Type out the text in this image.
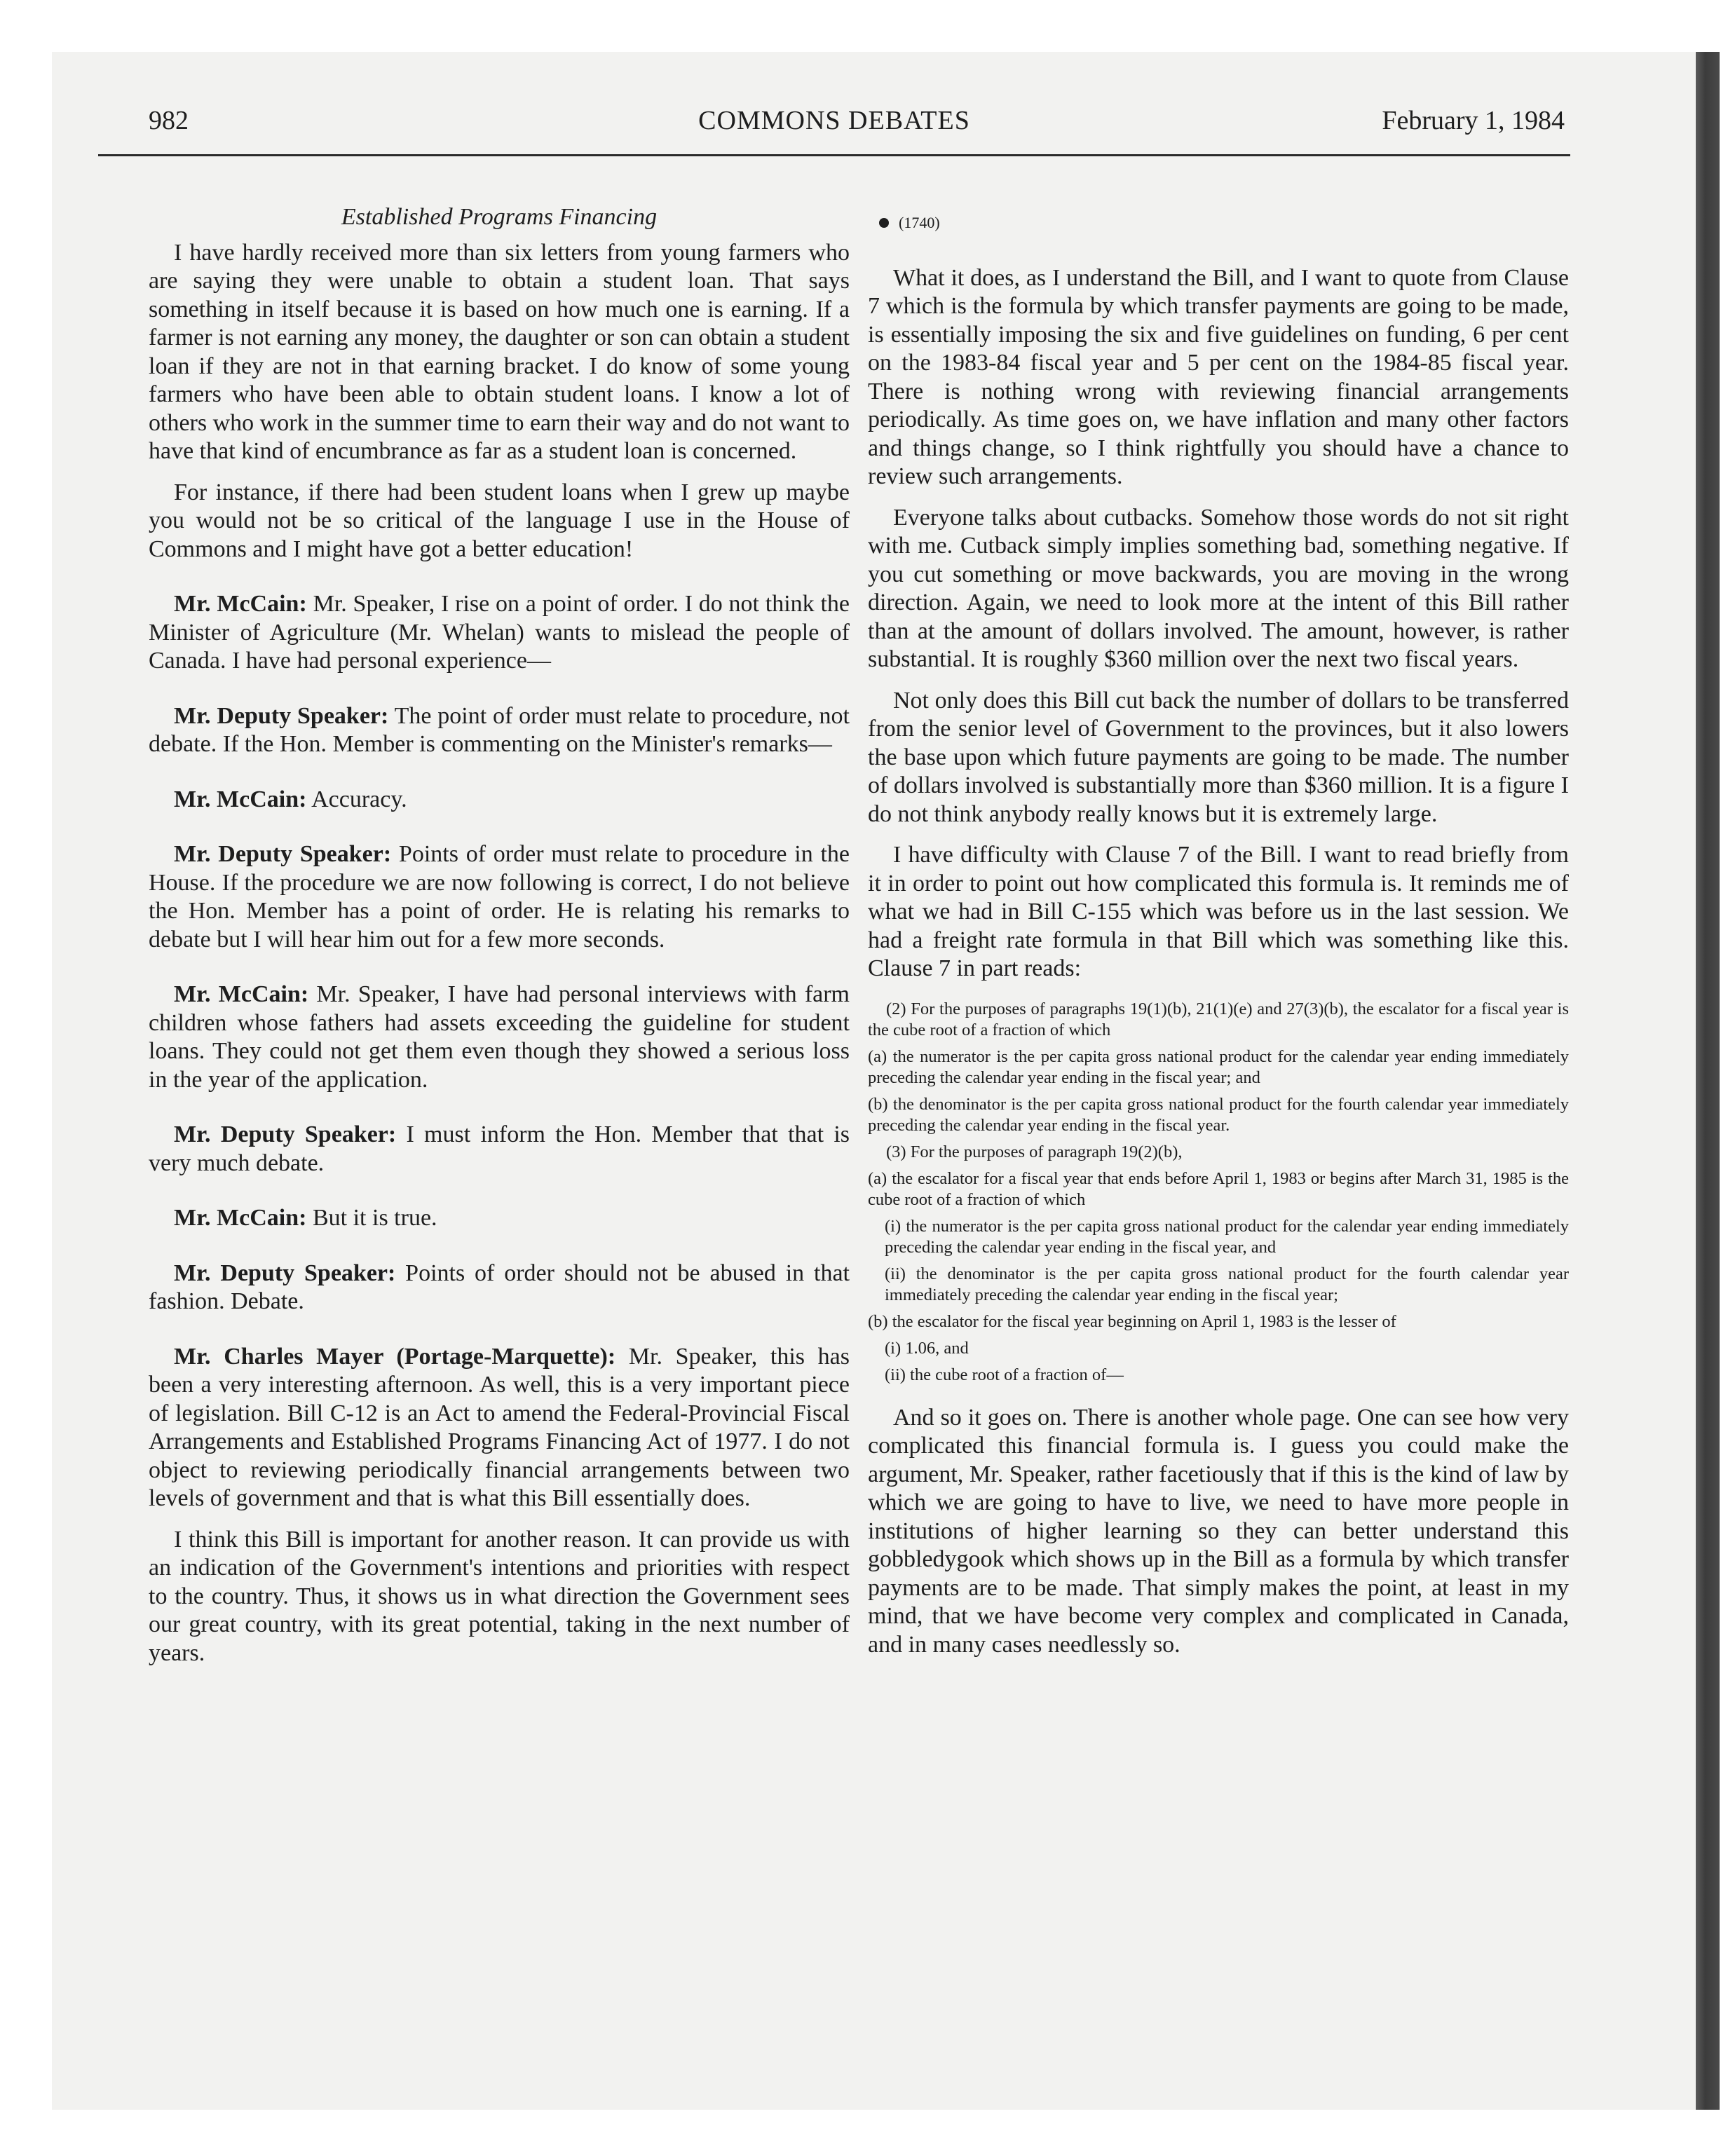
982	COMMONS DEBATES	February 1, 1984
Established Programs Financing

I have hardly received more than six letters from young farmers who are saying they were unable to obtain a student loan. That says something in itself because it is based on how much one is earning. If a farmer is not earning any money, the daughter or son can obtain a student loan if they are not in that earning bracket. I do know of some young farmers who have been able to obtain student loans. I know a lot of others who work in the summer time to earn their way and do not want to have that kind of encumbrance as far as a student loan is concerned.

For instance, if there had been student loans when I grew up maybe you would not be so critical of the language I use in the House of Commons and I might have got a better education!

Mr. McCain: Mr. Speaker, I rise on a point of order. I do not think the Minister of Agriculture (Mr. Whelan) wants to mislead the people of Canada. I have had personal experience—

Mr. Deputy Speaker: The point of order must relate to procedure, not debate. If the Hon. Member is commenting on the Minister's remarks—

Mr. McCain: Accuracy.

Mr. Deputy Speaker: Points of order must relate to procedure in the House. If the procedure we are now following is correct, I do not believe the Hon. Member has a point of order. He is relating his remarks to debate but I will hear him out for a few more seconds.

Mr. McCain: Mr. Speaker, I have had personal interviews with farm children whose fathers had assets exceeding the guideline for student loans. They could not get them even though they showed a serious loss in the year of the application.

Mr. Deputy Speaker: I must inform the Hon. Member that that is very much debate.

Mr. McCain: But it is true.

Mr. Deputy Speaker: Points of order should not be abused in that fashion. Debate.

Mr. Charles Mayer (Portage-Marquette): Mr. Speaker, this has been a very interesting afternoon. As well, this is a very important piece of legislation. Bill C-12 is an Act to amend the Federal-Provincial Fiscal Arrangements and Established Programs Financing Act of 1977. I do not object to reviewing periodically financial arrangements between two levels of government and that is what this Bill essentially does.

I think this Bill is important for another reason. It can provide us with an indication of the Government's intentions and priorities with respect to the country. Thus, it shows us in what direction the Government sees our great country, with its great potential, taking in the next number of years.

(1740)

What it does, as I understand the Bill, and I want to quote from Clause 7 which is the formula by which transfer payments are going to be made, is essentially imposing the six and five guidelines on funding, 6 per cent on the 1983-84 fiscal year and 5 per cent on the 1984-85 fiscal year. There is nothing wrong with reviewing financial arrangements periodically. As time goes on, we have inflation and many other factors and things change, so I think rightfully you should have a chance to review such arrangements.

Everyone talks about cutbacks. Somehow those words do not sit right with me. Cutback simply implies something bad, something negative. If you cut something or move backwards, you are moving in the wrong direction. Again, we need to look more at the intent of this Bill rather than at the amount of dollars involved. The amount, however, is rather substantial. It is roughly $360 million over the next two fiscal years.

Not only does this Bill cut back the number of dollars to be transferred from the senior level of Government to the provinces, but it also lowers the base upon which future payments are going to be made. The number of dollars involved is substantially more than $360 million. It is a figure I do not think anybody really knows but it is extremely large.

I have difficulty with Clause 7 of the Bill. I want to read briefly from it in order to point out how complicated this formula is. It reminds me of what we had in Bill C-155 which was before us in the last session. We had a freight rate formula in that Bill which was something like this. Clause 7 in part reads:

(2) For the purposes of paragraphs 19(1)(b), 21(1)(e) and 27(3)(b), the escalator for a fiscal year is the cube root of a fraction of which

(a) the numerator is the per capita gross national product for the calendar year ending immediately preceding the calendar year ending in the fiscal year; and

(b) the denominator is the per capita gross national product for the fourth calendar year immediately preceding the calendar year ending in the fiscal year.

(3) For the purposes of paragraph 19(2)(b),

(a) the escalator for a fiscal year that ends before April 1, 1983 or begins after March 31, 1985 is the cube root of a fraction of which

(i) the numerator is the per capita gross national product for the calendar year ending immediately preceding the calendar year ending in the fiscal year, and

(ii) the denominator is the per capita gross national product for the fourth calendar year immediately preceding the calendar year ending in the fiscal year;

(b) the escalator for the fiscal year beginning on April 1, 1983 is the lesser of

(i) 1.06, and

(ii) the cube root of a fraction of—

And so it goes on. There is another whole page. One can see how very complicated this financial formula is. I guess you could make the argument, Mr. Speaker, rather facetiously that if this is the kind of law by which we are going to have to live, we need to have more people in institutions of higher learning so they can better understand this gobbledygook which shows up in the Bill as a formula by which transfer payments are to be made. That simply makes the point, at least in my mind, that we have become very complex and complicated in Canada, and in many cases needlessly so.
